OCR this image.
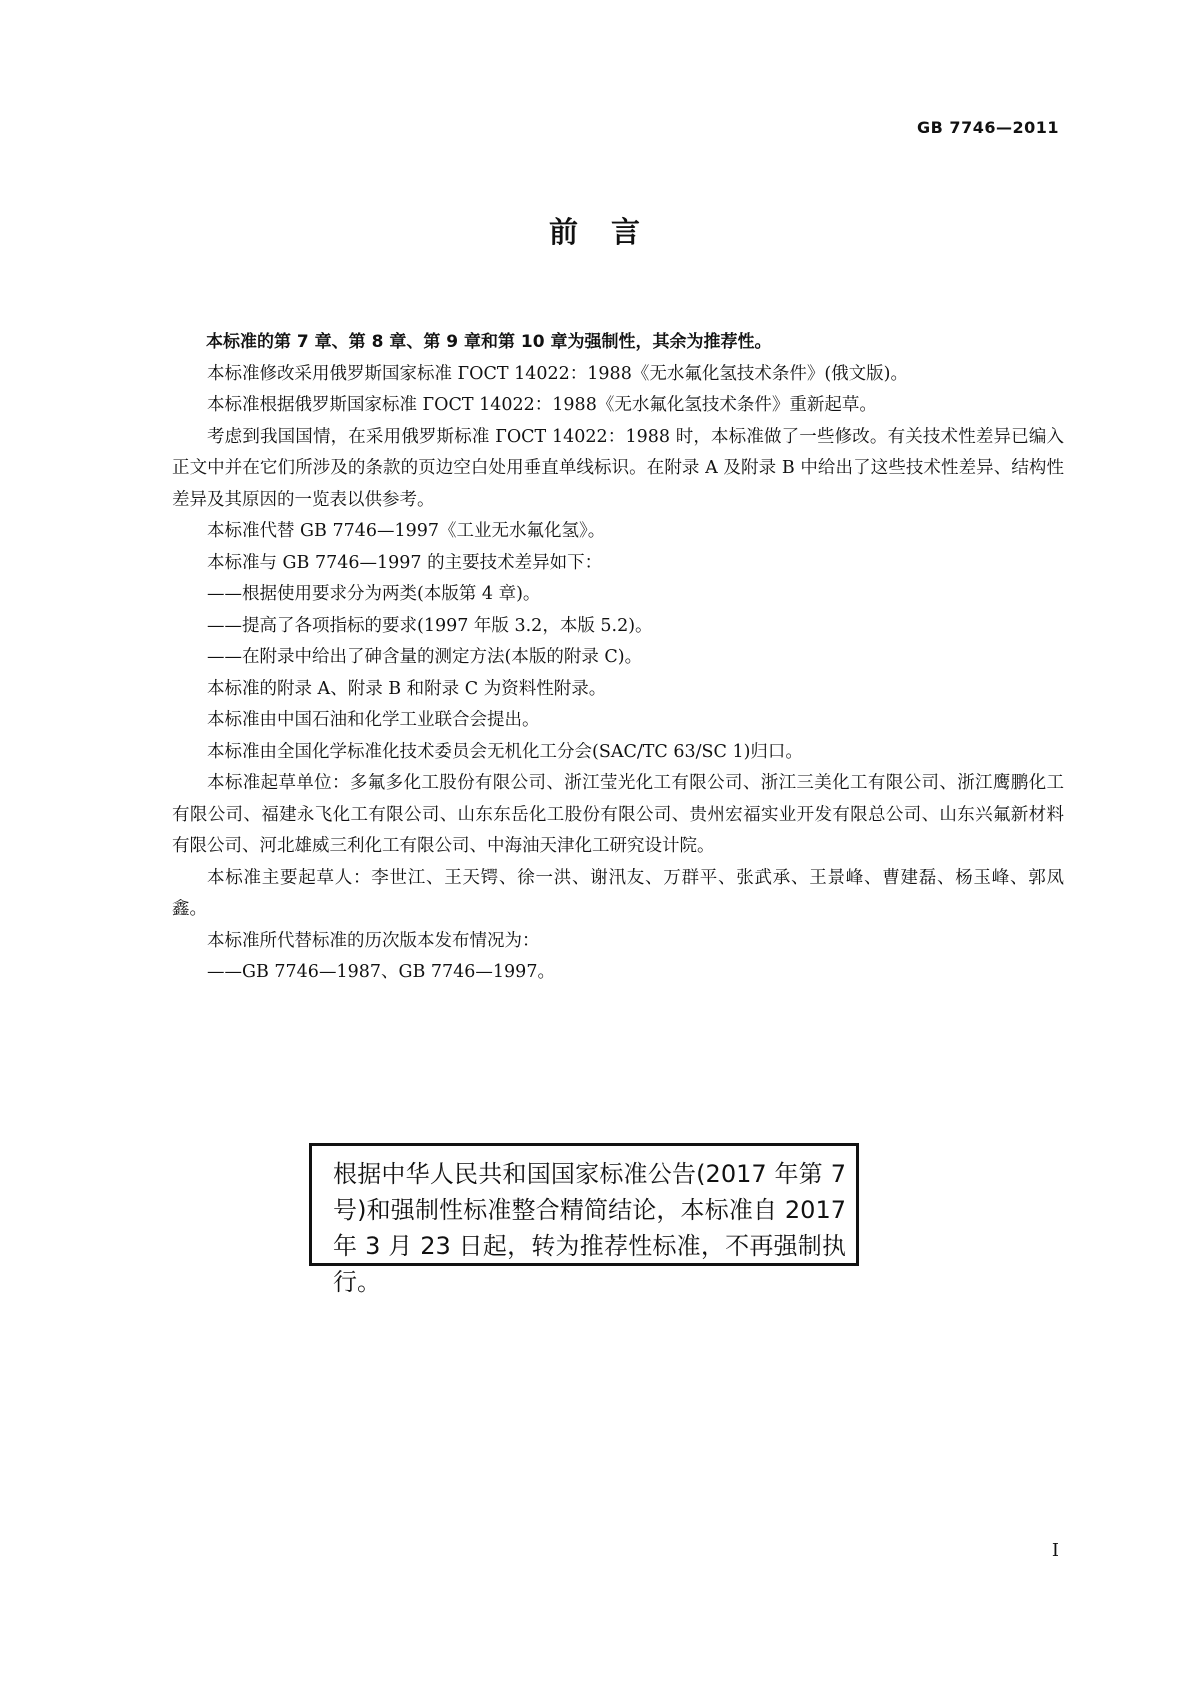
GB 7746—2011
前　言

本标准的第 7 章、第 8 章、第 9 章和第 10 章为强制性，其余为推荐性。

本标准修改采用俄罗斯国家标准 ГОСТ 14022：1988《无水氟化氢技术条件》(俄文版)。

本标准根据俄罗斯国家标准 ГОСТ 14022：1988《无水氟化氢技术条件》重新起草。

考虑到我国国情，在采用俄罗斯标准 ГОСТ 14022：1988 时，本标准做了一些修改。有关技术性差异已编入正文中并在它们所涉及的条款的页边空白处用垂直单线标识。在附录 A 及附录 B 中给出了这些技术性差异、结构性差异及其原因的一览表以供参考。

本标准代替 GB 7746—1997《工业无水氟化氢》。

本标准与 GB 7746—1997 的主要技术差异如下：

——根据使用要求分为两类(本版第 4 章)。

——提高了各项指标的要求(1997 年版 3.2，本版 5.2)。

——在附录中给出了砷含量的测定方法(本版的附录 C)。

本标准的附录 A、附录 B 和附录 C 为资料性附录。

本标准由中国石油和化学工业联合会提出。

本标准由全国化学标准化技术委员会无机化工分会(SAC/TC 63/SC 1)归口。

本标准起草单位：多氟多化工股份有限公司、浙江莹光化工有限公司、浙江三美化工有限公司、浙江鹰鹏化工有限公司、福建永飞化工有限公司、山东东岳化工股份有限公司、贵州宏福实业开发有限总公司、山东兴氟新材料有限公司、河北雄威三利化工有限公司、中海油天津化工研究设计院。

本标准主要起草人：李世江、王天锷、徐一洪、谢汛友、万群平、张武承、王景峰、曹建磊、杨玉峰、郭凤鑫。

本标准所代替标准的历次版本发布情况为：

——GB 7746—1987、GB 7746—1997。

根据中华人民共和国国家标准公告(2017 年第 7 号)和强制性标准整合精简结论，本标准自 2017 年 3 月 23 日起，转为推荐性标准，不再强制执行。
I
